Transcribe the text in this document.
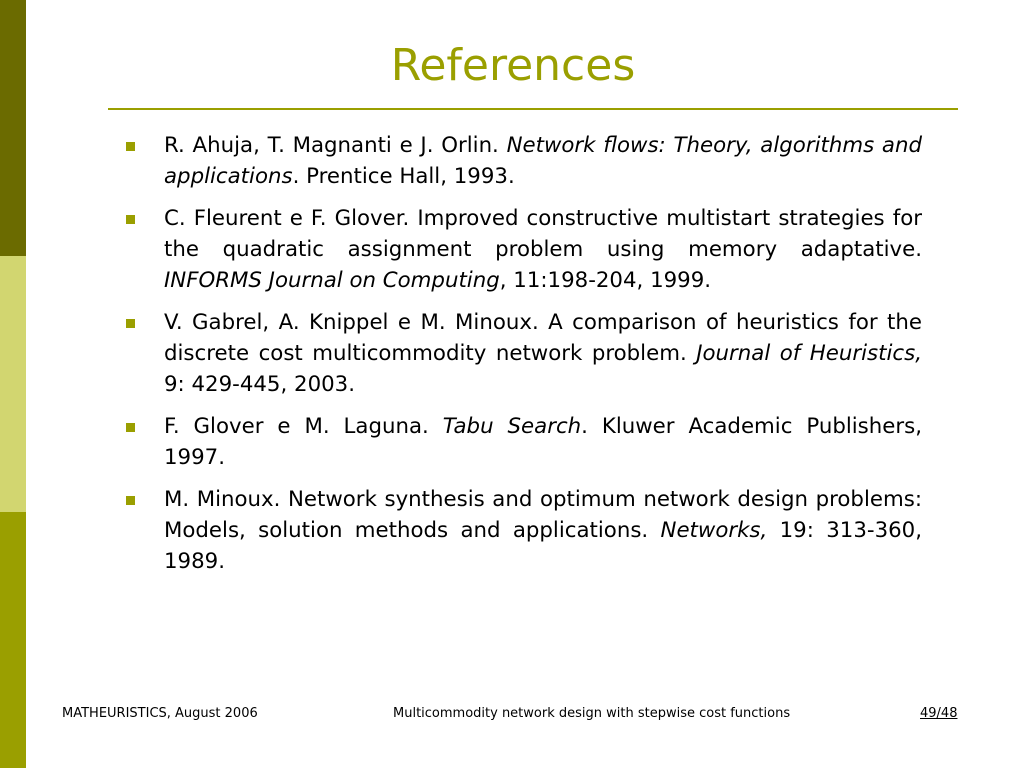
References
R. Ahuja, T. Magnanti e J. Orlin. Network flows: Theory, algorithms and applications. Prentice Hall, 1993.
C. Fleurent e F. Glover. Improved constructive multistart strategies for the quadratic assignment problem using memory adaptative. INFORMS Journal on Computing, 11:198-204, 1999.
V. Gabrel, A. Knippel e M. Minoux. A comparison of heuristics for the discrete cost multicommodity network problem. Journal of Heuristics, 9: 429-445, 2003.
F. Glover e M. Laguna. Tabu Search. Kluwer Academic Publishers, 1997.
M. Minoux. Network synthesis and optimum network design problems: Models, solution methods and applications. Networks, 19: 313-360, 1989.
MATHEURISTICS, August 2006	Multicommodity network design with stepwise cost functions	49/48
